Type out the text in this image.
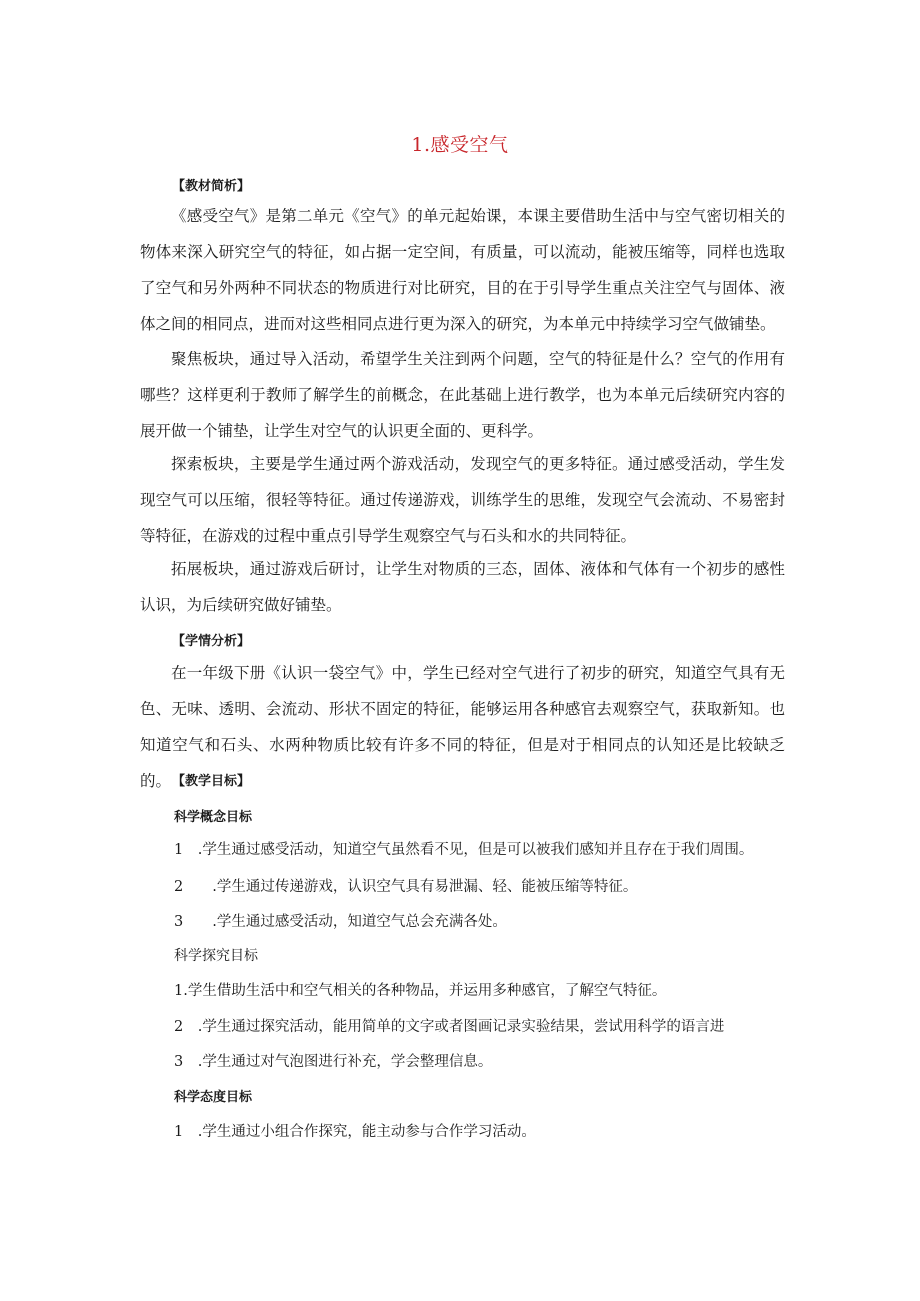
1.感受空气
【教材简析】

《感受空气》是第二单元《空气》的单元起始课，本课主要借助生活中与空气密切相关的物体来深入研究空气的特征，如占据一定空间，有质量，可以流动，能被压缩等，同样也选取了空气和另外两种不同状态的物质进行对比研究，目的在于引导学生重点关注空气与固体、液体之间的相同点，进而对这些相同点进行更为深入的研究，为本单元中持续学习空气做铺垫。

聚焦板块，通过导入活动，希望学生关注到两个问题，空气的特征是什么？空气的作用有哪些？这样更利于教师了解学生的前概念，在此基础上进行教学，也为本单元后续研究内容的展开做一个铺垫，让学生对空气的认识更全面的、更科学。

探索板块，主要是学生通过两个游戏活动，发现空气的更多特征。通过感受活动，学生发现空气可以压缩，很轻等特征。通过传递游戏，训练学生的思维，发现空气会流动、不易密封等特征，在游戏的过程中重点引导学生观察空气与石头和水的共同特征。

拓展板块，通过游戏后研讨，让学生对物质的三态，固体、液体和气体有一个初步的感性认识，为后续研究做好铺垫。

【学情分析】

在一年级下册《认识一袋空气》中，学生已经对空气进行了初步的研究，知道空气具有无色、无味、透明、会流动、形状不固定的特征，能够运用各种感官去观察空气，获取新知。也知道空气和石头、水两种物质比较有许多不同的特征，但是对于相同点的认知还是比较缺乏的。 【教学目标】
科学概念目标
1　.学生通过感受活动，知道空气虽然看不见，但是可以被我们感知并且存在于我们周围。
2　　.学生通过传递游戏，认识空气具有易泄漏、轻、能被压缩等特征。
3　　.学生通过感受活动，知道空气总会充满各处。
科学探究目标
1.学生借助生活中和空气相关的各种物品，并运用多种感官，了解空气特征。
2　.学生通过探究活动，能用简单的文字或者图画记录实验结果，尝试用科学的语言进
3　.学生通过对气泡图进行补充，学会整理信息。
科学态度目标
1　.学生通过小组合作探究，能主动参与合作学习活动。
